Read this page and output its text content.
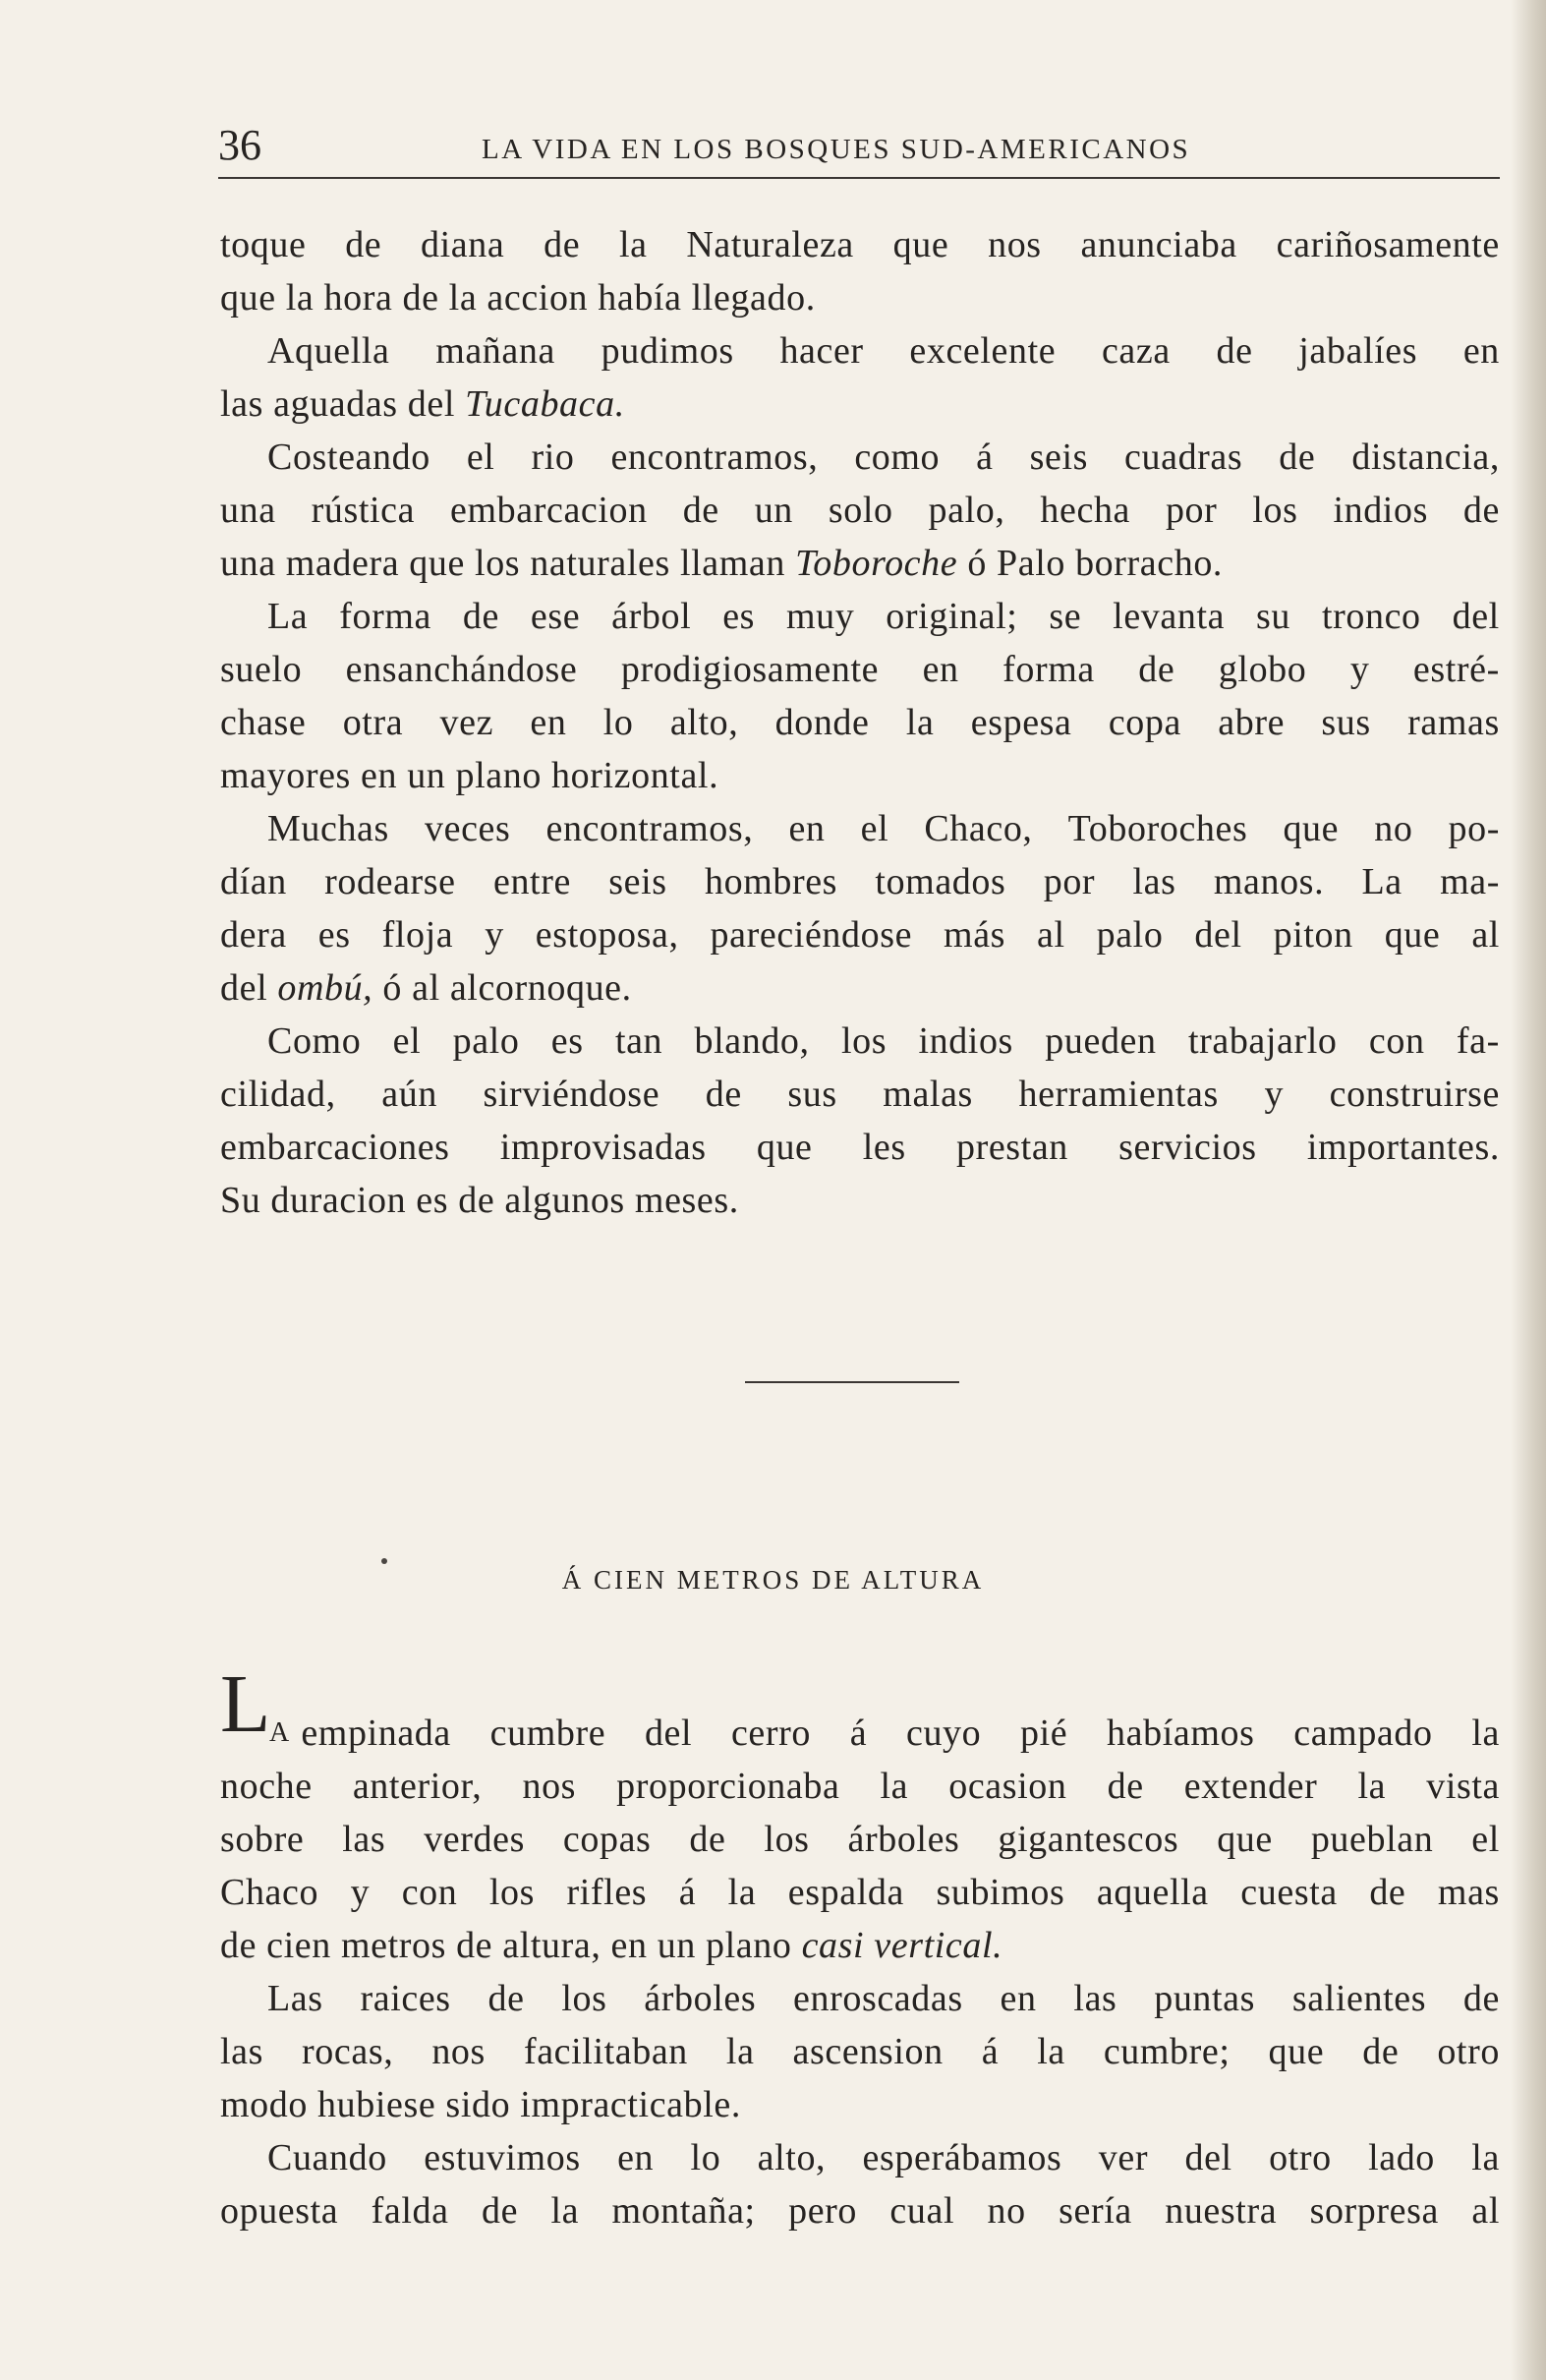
36	LA VIDA EN LOS BOSQUES SUD-AMERICANOS
toque de diana de la Naturaleza que nos anunciaba cariñosamente
que la hora de la accion había llegado.
Aquella mañana pudimos hacer excelente caza de jabalíes en
las aguadas del
Tucabaca.
Costeando el rio encontramos, como á seis cuadras de distancia,
una rústica embarcacion de un solo palo, hecha por los indios de
una madera que los naturales llaman
Toboroche
ó Palo borracho.
La forma de ese árbol es muy original; se levanta su tronco del
suelo ensanchándose prodigiosamente en forma de globo y estré-
chase otra vez en lo alto, donde la espesa copa abre sus ramas
mayores en un plano horizontal.
Muchas veces encontramos, en el Chaco, Toboroches que no po-
dían rodearse entre seis hombres tomados por las manos. La ma-
dera es floja y estoposa, pareciéndose más al palo del piton que al
del
ombú,
ó al alcornoque.
Como el palo es tan blando, los indios pueden trabajarlo con fa-
cilidad, aún sirviéndose de sus malas herramientas y construirse
embarcaciones improvisadas que les prestan servicios importantes.
Su duracion es de algunos meses.
Á CIEN METROS DE ALTURA
L
A
empinada cumbre del cerro á cuyo pié habíamos campado la
noche anterior, nos proporcionaba la ocasion de extender la vista
sobre las verdes copas de los árboles gigantescos que pueblan el
Chaco y con los rifles á la espalda subimos aquella cuesta de mas
de cien metros de altura, en un plano
casi vertical.
Las raices de los árboles enroscadas en las puntas salientes de
las rocas, nos facilitaban la ascension á la cumbre; que de otro
modo hubiese sido impracticable.
Cuando estuvimos en lo alto, esperábamos ver del otro lado la
opuesta falda de la montaña; pero cual no sería nuestra sorpresa al
